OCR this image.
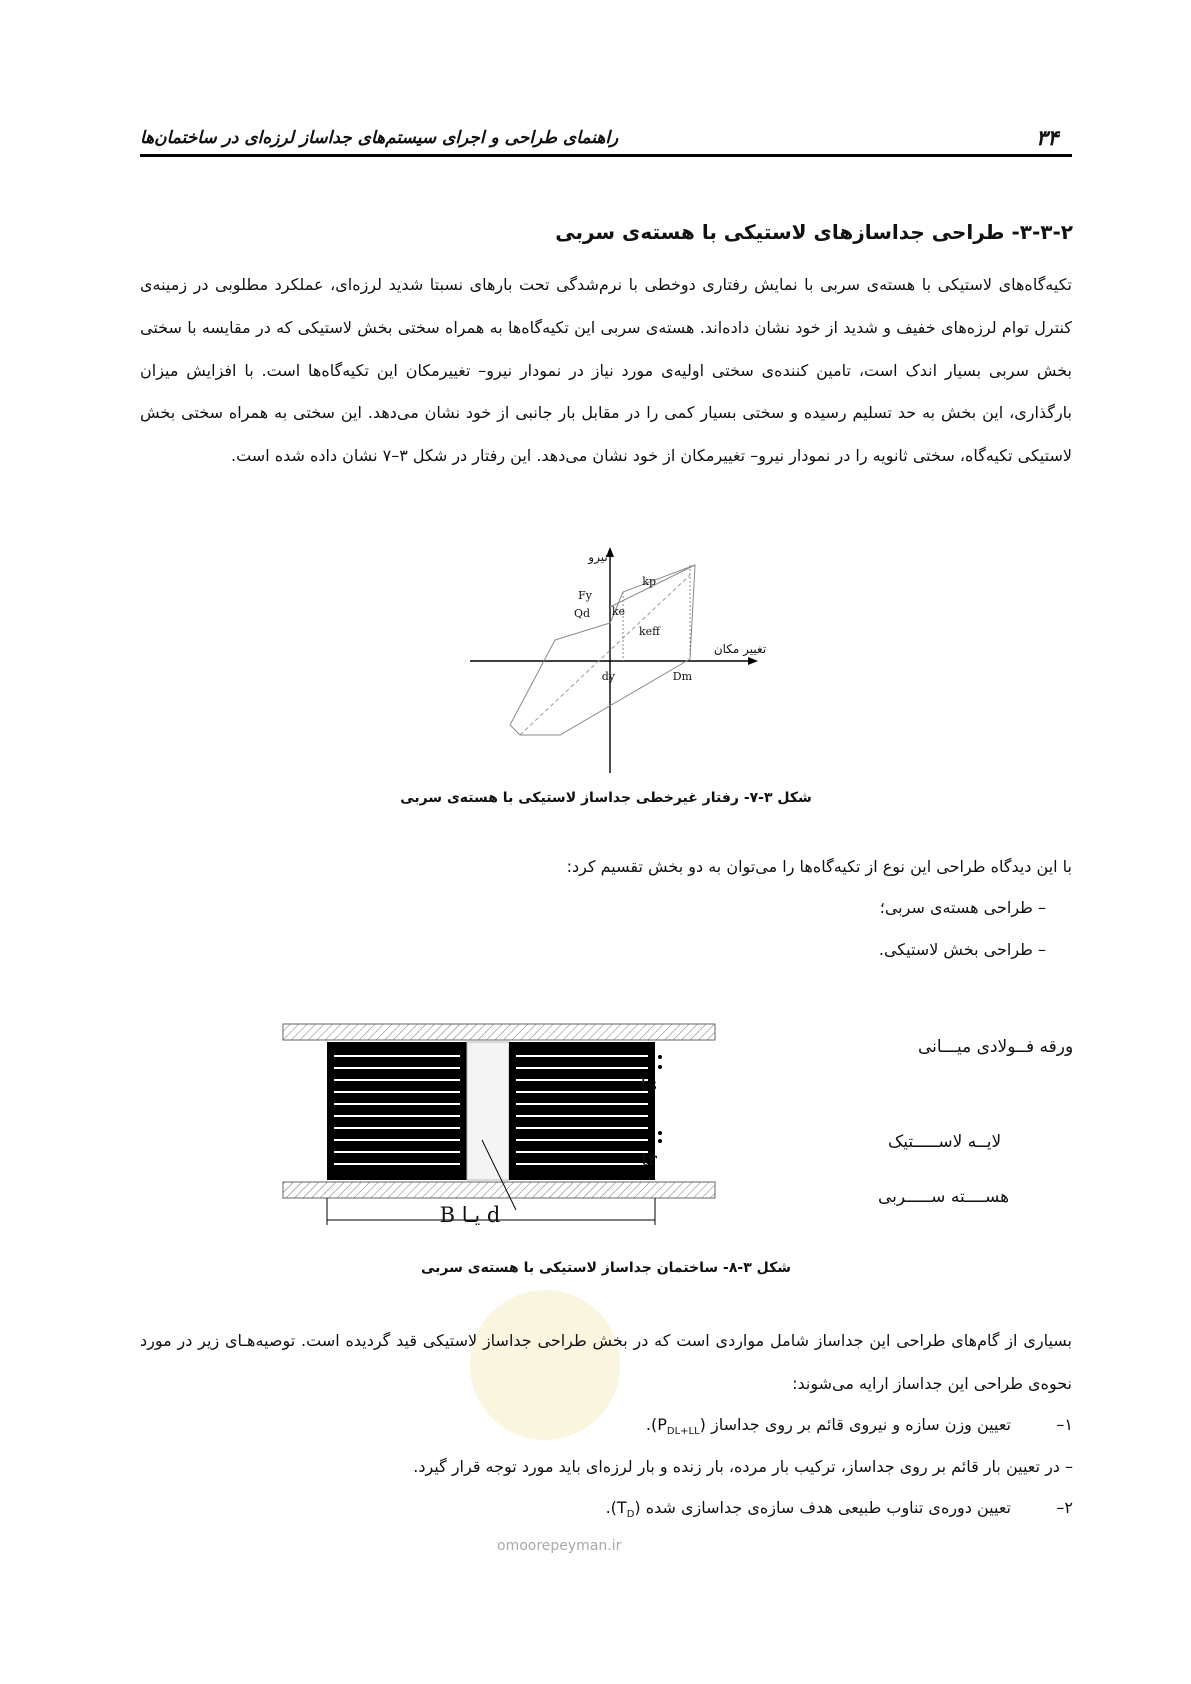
۳۴
راهنمای طراحی و اجرای سیستم‌های جداساز لرزه‌ای در ساختمان‌ها
۳-۳-۲- طراحی جداسازهای لاستیکی با هسته‌ی سربی
تکیه‌گاه‌های لاستیکی با هسته‌ی سربی با نمایش رفتاری دوخطی با نرم‌شدگی تحت بارهای نسبتا شدید لرزه‌ای، عملکرد مطلوبی در زمینه‌ی کنترل توام لرزه‌های خفیف و شدید از خود نشان داده‌اند. هسته‌ی سربی این تکیه‌گاه‌ها به همراه سختی بخش لاستیکی که در مقایسه با سختی بخش سربی بسیار اندک است، تامین کننده‌ی سختی اولیه‌ی مورد نیاز در نمودار نیرو– تغییرمکان این تکیه‌گاه‌ها است. با افزایش میزان بارگذاری، این بخش به حد تسلیم رسیده و سختی بسیار کمی را در مقابل بار جانبی از خود نشان می‌دهد. این سختی به همراه سختی بخش لاستیکی تکیه‌گاه، سختی ثانویه را در نمودار نیرو– تغییرمکان از خود نشان می‌دهد. این رفتار در شکل ۳–۷ نشان داده شده است.
نیرو
تغییر مکان
kp
Fy
Qd ke
keff
dy	Dm
شکل ۳-۷- رفتار غیرخطی جداساز لاستیکی با هسته‌ی سربی
با این دیدگاه طراحی این نوع از تکیه‌گاه‌ها را می‌توان به دو بخش تقسیم کرد:
– طراحی هسته‌ی سربی؛
– طراحی بخش لاستیکی.
ts
tr
d یـا B
ورقه فــولادی میـــانی
لایــه لاســـــتیک
هســــته ســـــربی
شکل ۳-۸- ساختمان جداساز لاستیکی با هسته‌ی سربی
بسیاری از گام‌های طراحی این جداساز شامل مواردی است که در بخش طراحی جداساز لاستیکی قید گردیده است. توصیه‌هـای زیر در مورد نحوه‌ی طراحی این جداساز ارایه می‌شوند:
۱–
تعیین وزن سازه و نیروی قائم بر روی جداساز $(P_{DL+LL})$.
– در تعیین بار قائم بر روی جداساز، ترکیب بار مرده، بار زنده و بار لرزه‌ای باید مورد توجه قرار گیرد.
۲–
تعیین دوره‌ی تناوب طبیعی هدف سازه‌ی جداسازی شده $(T_D)$.
omoorepeyman.ir
